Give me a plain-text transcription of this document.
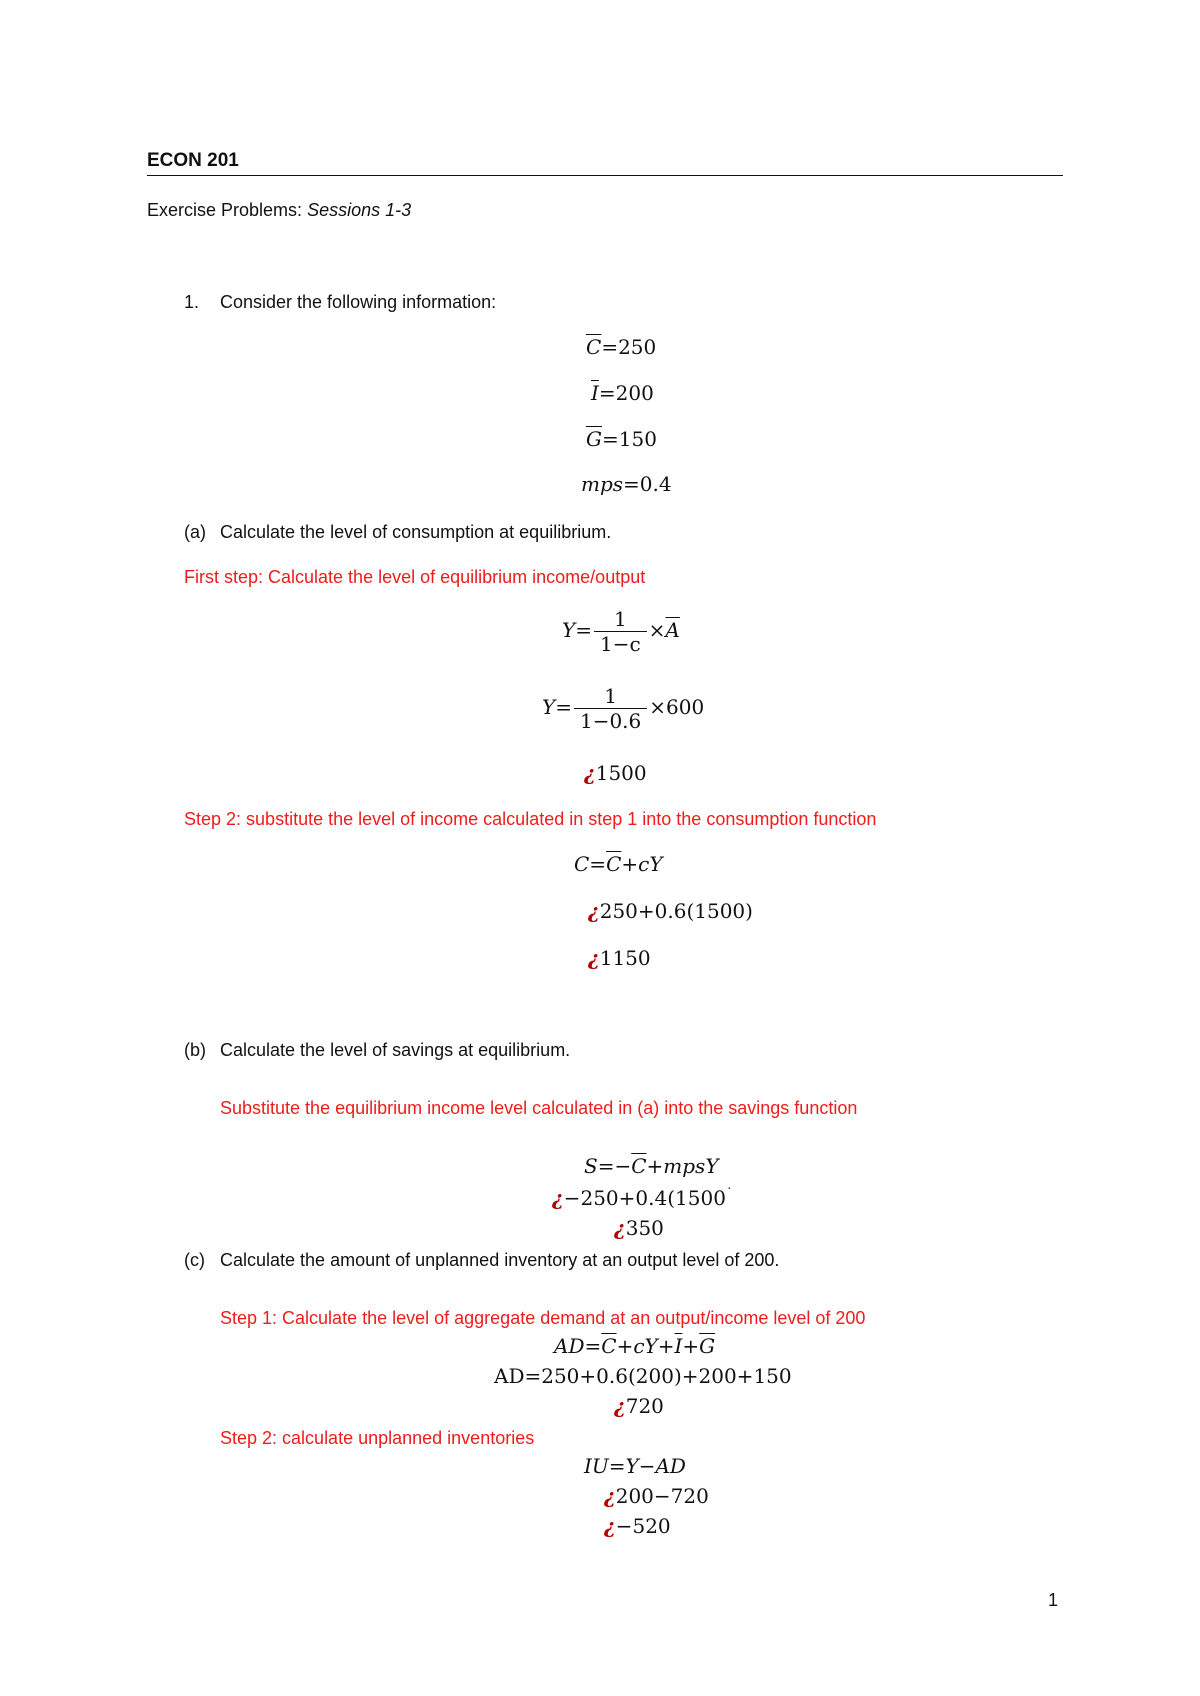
ECON 201
Exercise Problems: Sessions 1-3
1. Consider the following information:
$\overline{C}=250$
$\overline{I}=200$
$\overline{G}=150$
mps=0.4
(a) Calculate the level of consumption at equilibrium.
First step: Calculate the level of equilibrium income/output
$Y= \frac{1}{1-c} \times\overline{A}$
$Y= \frac{1}{1-0.6} \times 600$
¿1500
Step 2: substitute the level of income calculated in step 1 into the consumption function
$C=\overline{C}+cY$
¿250+0.6(1500)
¿1150
(b) Calculate the level of savings at equilibrium.
Substitute the equilibrium income level calculated in (a) into the savings function
$S=-\overline{C}+mpsY$
¿−250+0.4(1500˙
¿350
(c) Calculate the amount of unplanned inventory at an output level of 200.
Step 1: Calculate the level of aggregate demand at an output/income level of 200
$AD=\overline{C}+cY+\overline{I}+\overline{G}$
AD=250+0.6(200)+200+150
¿720
Step 2: calculate unplanned inventories
IU=Y−AD
¿200−720
¿−520
1
